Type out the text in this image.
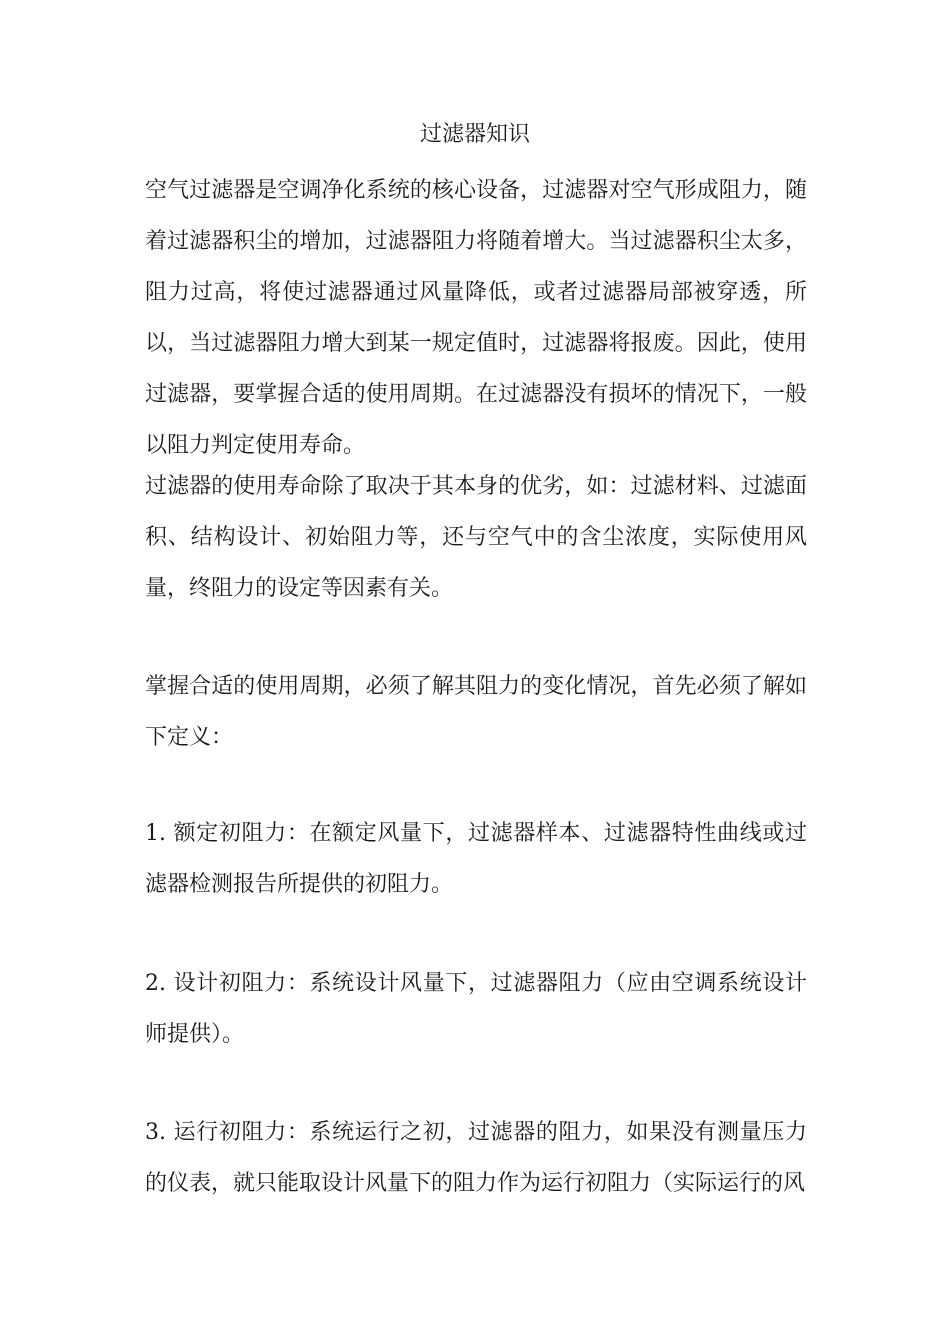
过滤器知识

空气过滤器是空调净化系统的核心设备，过滤器对空气形成阻力，随着过滤器积尘的增加，过滤器阻力将随着增大。当过滤器积尘太多，阻力过高，将使过滤器通过风量降低，或者过滤器局部被穿透，所以，当过滤器阻力增大到某一规定值时，过滤器将报废。因此，使用过滤器，要掌握合适的使用周期。在过滤器没有损坏的情况下，一般以阻力判定使用寿命。

过滤器的使用寿命除了取决于其本身的优劣，如：过滤材料、过滤面积、结构设计、初始阻力等，还与空气中的含尘浓度，实际使用风量，终阻力的设定等因素有关。

掌握合适的使用周期，必须了解其阻力的变化情况，首先必须了解如下定义：

1. 额定初阻力：在额定风量下，过滤器样本、过滤器特性曲线或过滤器检测报告所提供的初阻力。

2. 设计初阻力：系统设计风量下，过滤器阻力（应由空调系统设计师提供）。

3. 运行初阻力：系统运行之初，过滤器的阻力，如果没有测量压力的仪表，就只能取设计风量下的阻力作为运行初阻力（实际运行的风
